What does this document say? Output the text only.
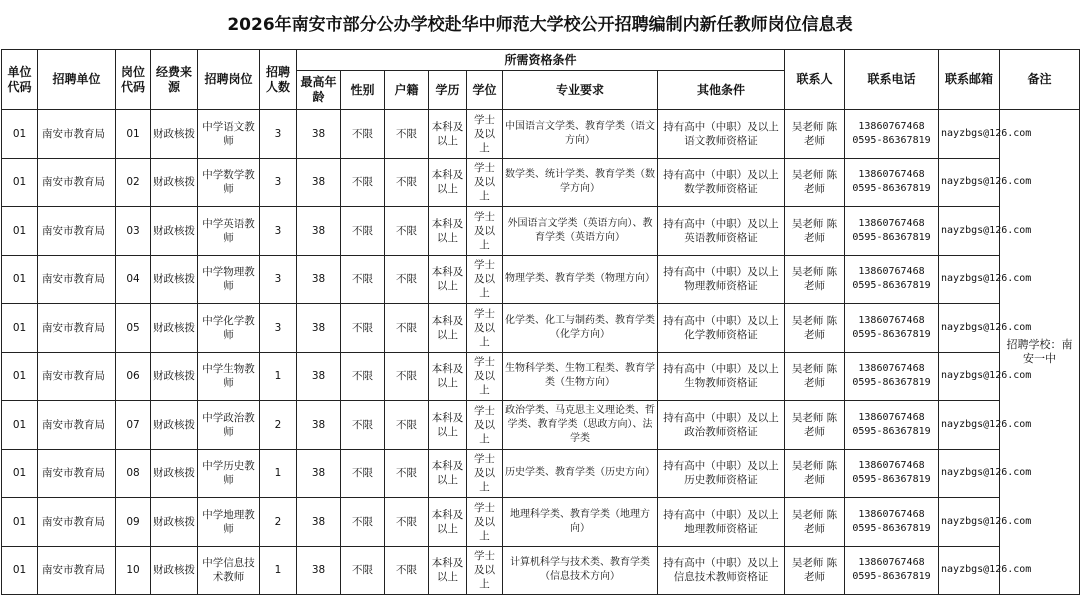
2026年南安市部分公办学校赴华中师范大学校公开招聘编制内新任教师岗位信息表
单位代码	招聘单位	岗位代码	经费来源	招聘岗位	招聘人数	所需资格条件							联系人	联系电话	联系邮箱	备注
						最高年龄	性别	户籍	学历	学位	专业要求	其他条件				
01	南安市教育局	01	财政核拨	中学语文教师	3	38	不限	不限	本科及以上	学士及以上	中国语言文学类、教育学类（语文方向）	持有高中（中职）及以上语文教师资格证	吴老师 陈老师	13860767468 0595-86367819	nayzbgs@126.com	招聘学校：南安一中
01	南安市教育局	02	财政核拨	中学数学教师	3	38	不限	不限	本科及以上	学士及以上	数学类、统计学类、教育学类（数学方向）	持有高中（中职）及以上数学教师资格证	吴老师 陈老师	13860767468 0595-86367819	nayzbgs@126.com	
01	南安市教育局	03	财政核拨	中学英语教师	3	38	不限	不限	本科及以上	学士及以上	外国语言文学类（英语方向）、教育学类（英语方向）	持有高中（中职）及以上英语教师资格证	吴老师 陈老师	13860767468 0595-86367819	nayzbgs@126.com	
01	南安市教育局	04	财政核拨	中学物理教师	3	38	不限	不限	本科及以上	学士及以上	物理学类、教育学类（物理方向）	持有高中（中职）及以上物理教师资格证	吴老师 陈老师	13860767468 0595-86367819	nayzbgs@126.com	
01	南安市教育局	05	财政核拨	中学化学教师	3	38	不限	不限	本科及以上	学士及以上	化学类、化工与制药类、教育学类（化学方向）	持有高中（中职）及以上化学教师资格证	吴老师 陈老师	13860767468 0595-86367819	nayzbgs@126.com	
01	南安市教育局	06	财政核拨	中学生物教师	1	38	不限	不限	本科及以上	学士及以上	生物科学类、生物工程类、教育学类（生物方向）	持有高中（中职）及以上生物教师资格证	吴老师 陈老师	13860767468 0595-86367819	nayzbgs@126.com	
01	南安市教育局	07	财政核拨	中学政治教师	2	38	不限	不限	本科及以上	学士及以上	政治学类、马克思主义理论类、哲学类、教育学类（思政方向）、法学类	持有高中（中职）及以上政治教师资格证	吴老师 陈老师	13860767468 0595-86367819	nayzbgs@126.com	
01	南安市教育局	08	财政核拨	中学历史教师	1	38	不限	不限	本科及以上	学士及以上	历史学类、教育学类（历史方向）	持有高中（中职）及以上历史教师资格证	吴老师 陈老师	13860767468 0595-86367819	nayzbgs@126.com	
01	南安市教育局	09	财政核拨	中学地理教师	2	38	不限	不限	本科及以上	学士及以上	地理科学类、教育学类（地理方向）	持有高中（中职）及以上地理教师资格证	吴老师 陈老师	13860767468 0595-86367819	nayzbgs@126.com	
01	南安市教育局	10	财政核拨	中学信息技术教师	1	38	不限	不限	本科及以上	学士及以上	计算机科学与技术类、教育学类（信息技术方向）	持有高中（中职）及以上信息技术教师资格证	吴老师 陈老师	13860767468 0595-86367819	nayzbgs@126.com	
